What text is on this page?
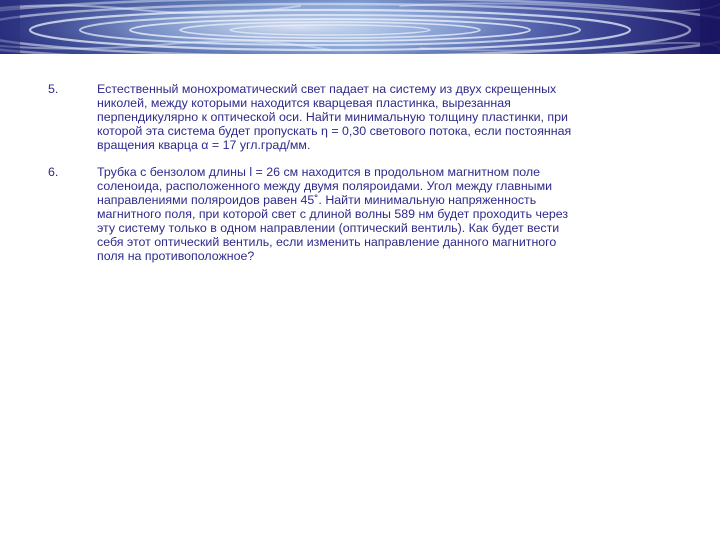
5.	Естественный монохроматический свет падает на систему из двух скрещенных
николей, между которыми находится кварцевая пластинка, вырезанная
перпендикулярно к оптической оси. Найти минимальную толщину пластинки, при
которой эта система будет пропускать η = 0,30 светового потока, если постоянная
вращения кварца α = 17 угл.град/мм.
6.	Трубка с бензолом длины l = 26 см находится в продольном магнитном поле
соленоида, расположенного между двумя поляроидами. Угол между главными
направлениями поляроидов равен 45˚. Найти минимальную напряженность
магнитного поля, при которой свет с длиной волны 589 нм будет проходить через
эту систему только в одном направлении (оптический вентиль). Как будет вести
себя этот оптический вентиль, если изменить направление данного магнитного
поля на противоположное?
